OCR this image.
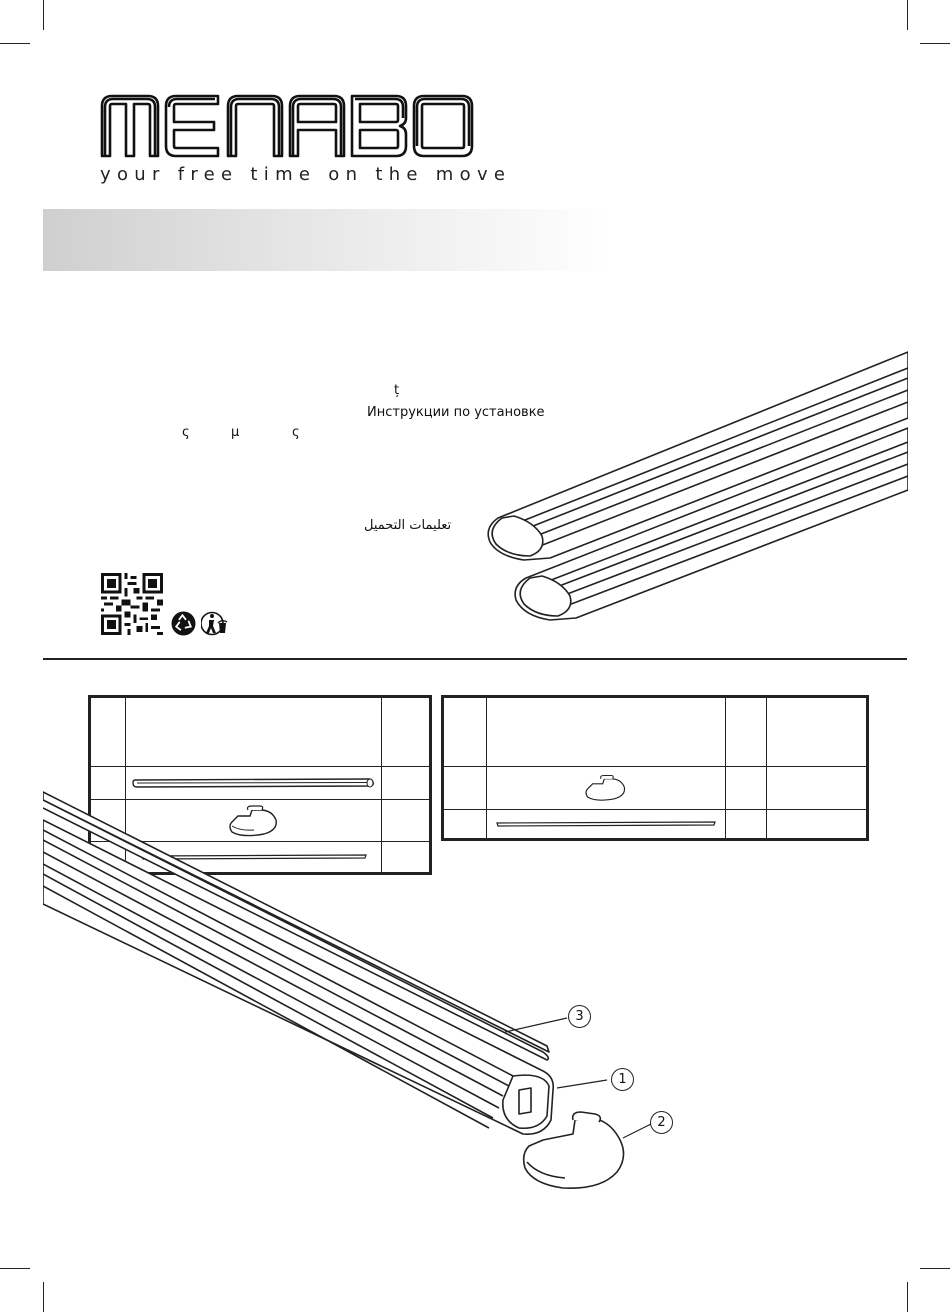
your free time on the move
ț
Инструкции по установке
ς	μ	ς
تعليمات التحميل

3
1
2
